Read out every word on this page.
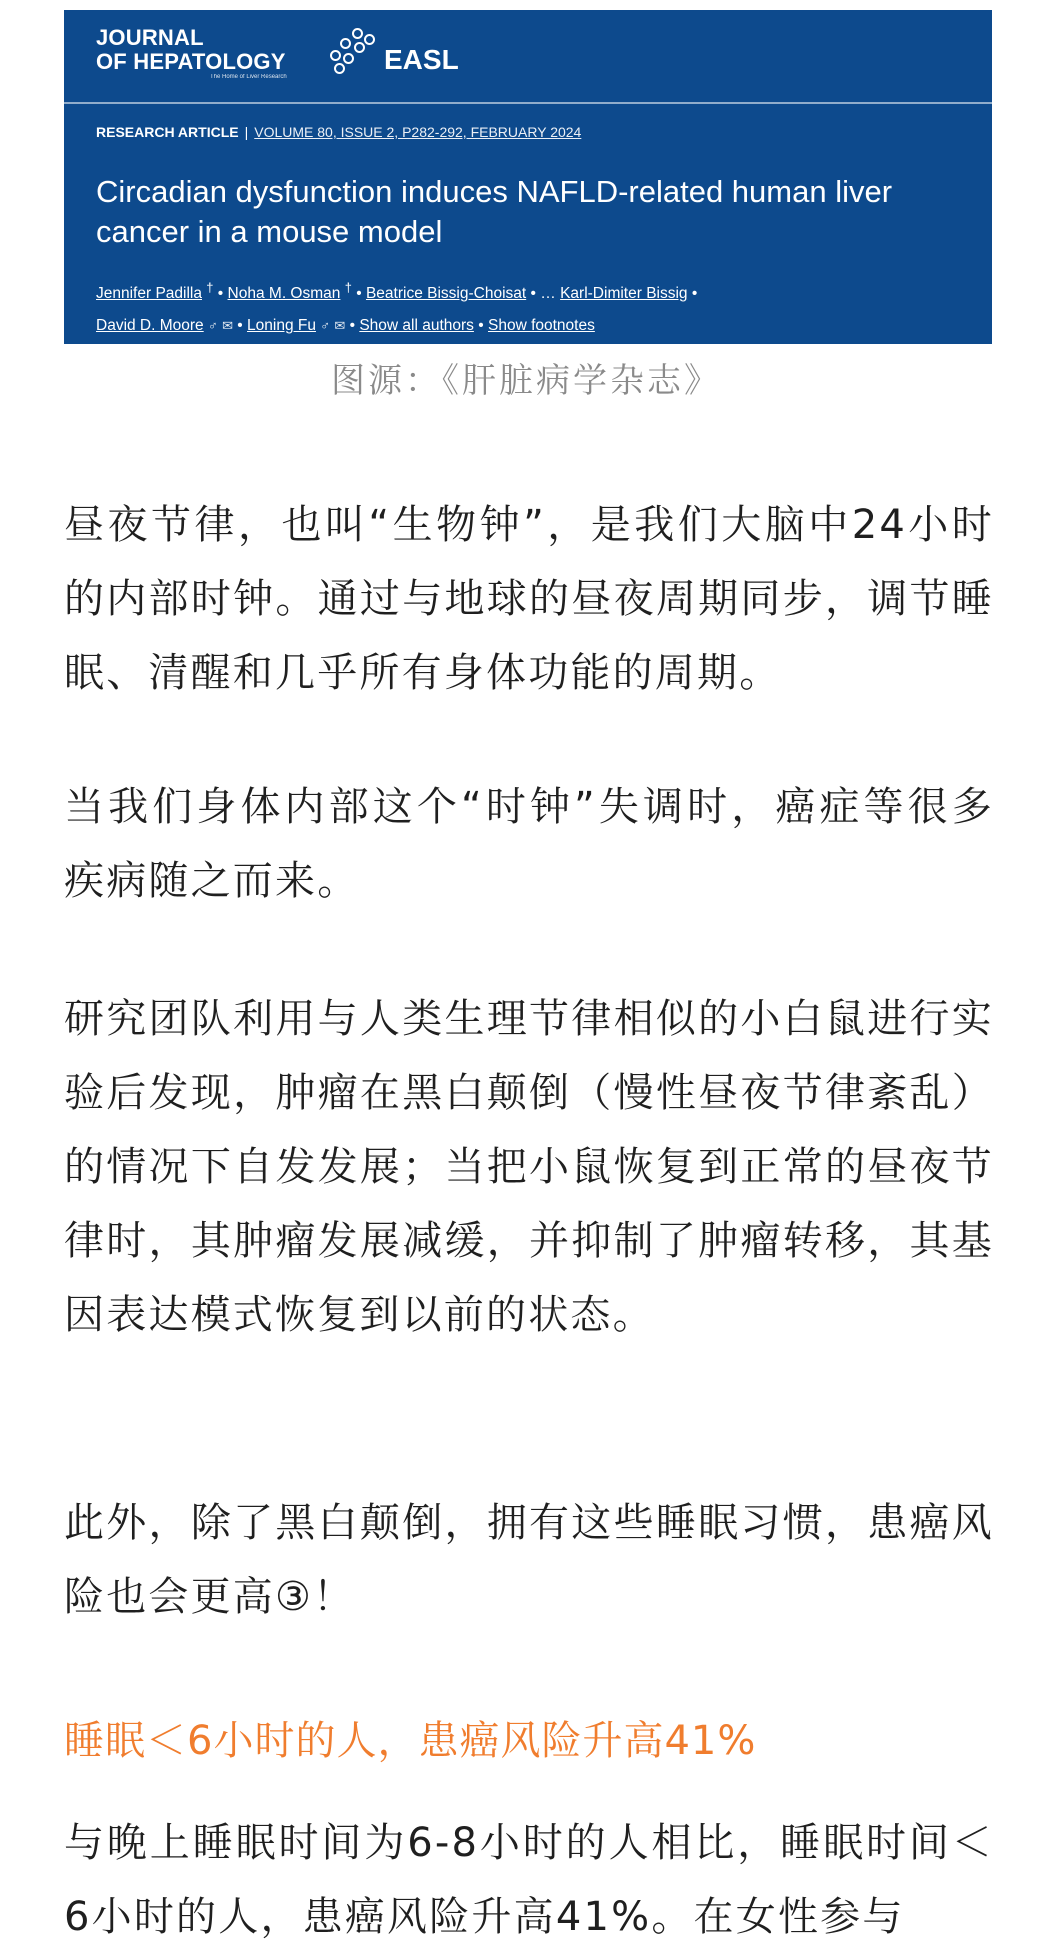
JOURNAL
OF HEPATOLOGY
The Home of Liver Research
EASL
RESEARCH ARTICLE | VOLUME 80, ISSUE 2, P282-292, FEBRUARY 2024
Circadian dysfunction induces NAFLD-related human liver cancer in a mouse model
Jennifer Padilla † • Noha M. Osman † • Beatrice Bissig-Choisat • … Karl-Dimiter Bissig •
David D. Moore ♂ ✉ • Loning Fu ♂ ✉ • Show all authors • Show footnotes
图源：《肝脏病学杂志》

昼夜节律，也叫“生物钟”，是我们大脑中24小时的内部时钟。通过与地球的昼夜周期同步，调节睡眠、清醒和几乎所有身体功能的周期。

当我们身体内部这个“时钟”失调时，癌症等很多疾病随之而来。

研究团队利用与人类生理节律相似的小白鼠进行实验后发现，肿瘤在黑白颠倒（慢性昼夜节律紊乱）的情况下自发发展；当把小鼠恢复到正常的昼夜节律时，其肿瘤发展减缓，并抑制了肿瘤转移，其基因表达模式恢复到以前的状态。

此外，除了黑白颠倒，拥有这些睡眠习惯，患癌风险也会更高③！

睡眠＜6小时的人，患癌风险升高41%

与晚上睡眠时间为6-8小时的人相比，睡眠时间＜6小时的人，患癌风险升高41%。在女性参与
